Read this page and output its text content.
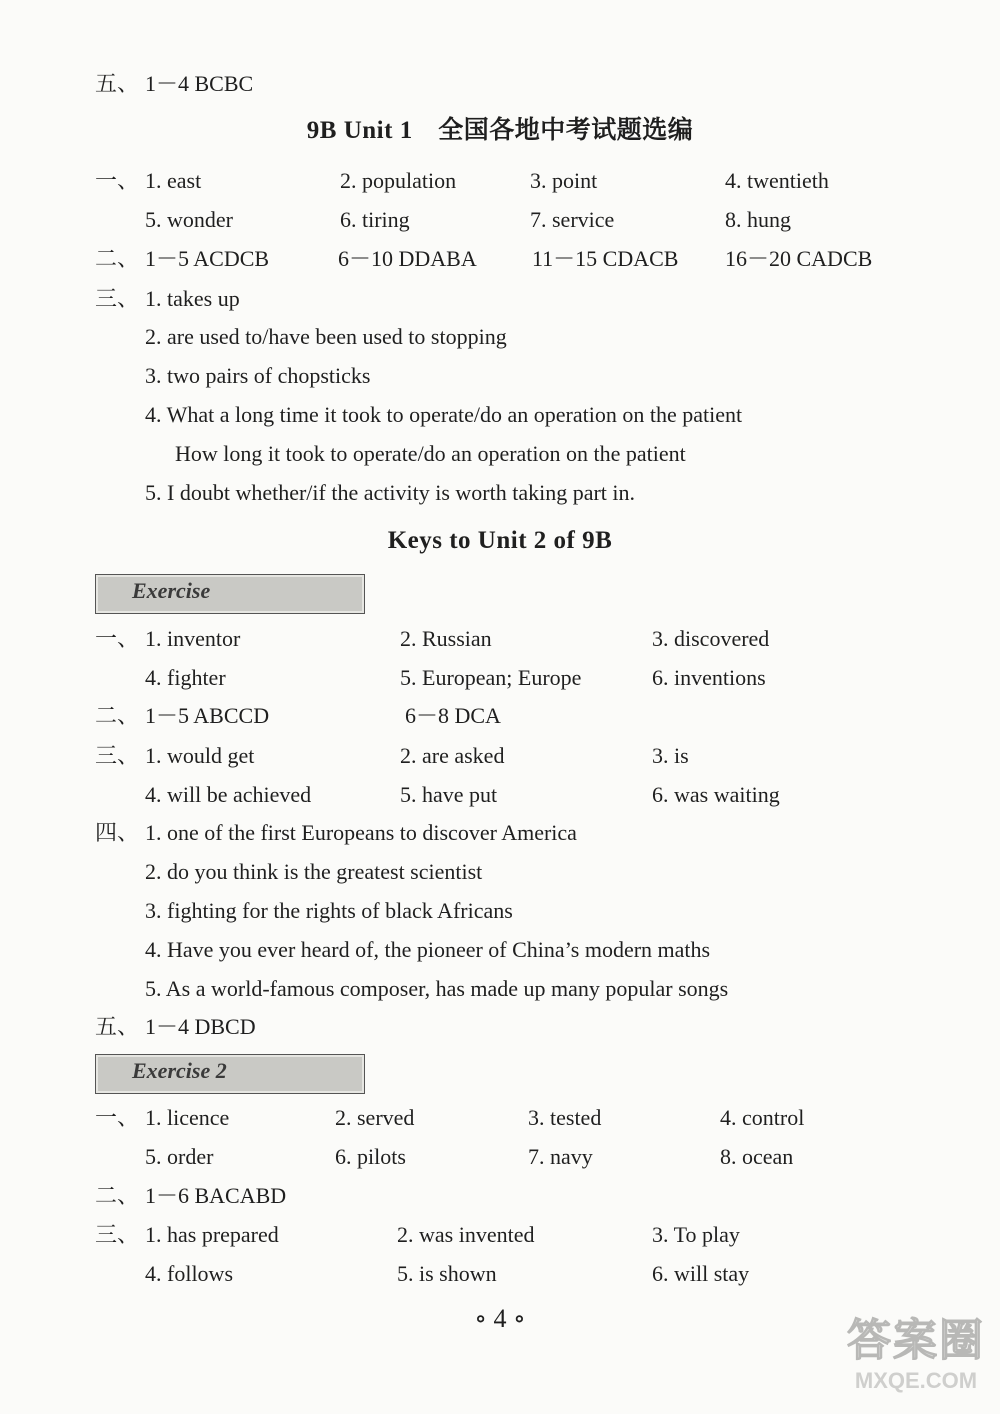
五、 1－4 BCBC
9B Unit 1　全国各地中考试题选编
一、 1. east	2. population	3. point	4. twentieth
5. wonder	6. tiring	7. service	8. hung
二、 1－5 ACDCB	6－10 DDABA	11－15 CDACB 16－20 CADCB
三、 1. takes up
2. are used to/have been used to stopping
3. two pairs of chopsticks
4. What a long time it took to operate/do an operation on the patient
How long it took to operate/do an operation on the patient
5. I doubt whether/if the activity is worth taking part in.
Keys to Unit 2 of 9B
Exercise
一、 1. inventor	2. Russian	3. discovered
4. fighter	5. European; Europe	6. inventions
二、 1－5 ABCCD	6－8 DCA
三、 1. would get	2. are asked	3. is
4. will be achieved	5. have put	6. was waiting
四、 1. one of the first Europeans to discover America
2. do you think is the greatest scientist
3. fighting for the rights of black Africans
4. Have you ever heard of, the pioneer of China’s modern maths
5. As a world-famous composer, has made up many popular songs
五、 1－4 DBCD
Exercise 2
一、 1. licence	2. served	3. tested	4. control
5. order	6. pilots	7. navy	8. ocean
二、 1－6 BACABD
三、 1. has prepared	2. was invented	3. To play
4. follows	5. is shown	6. will stay
∘ 4 ∘	答案圈
MXQE.COM
